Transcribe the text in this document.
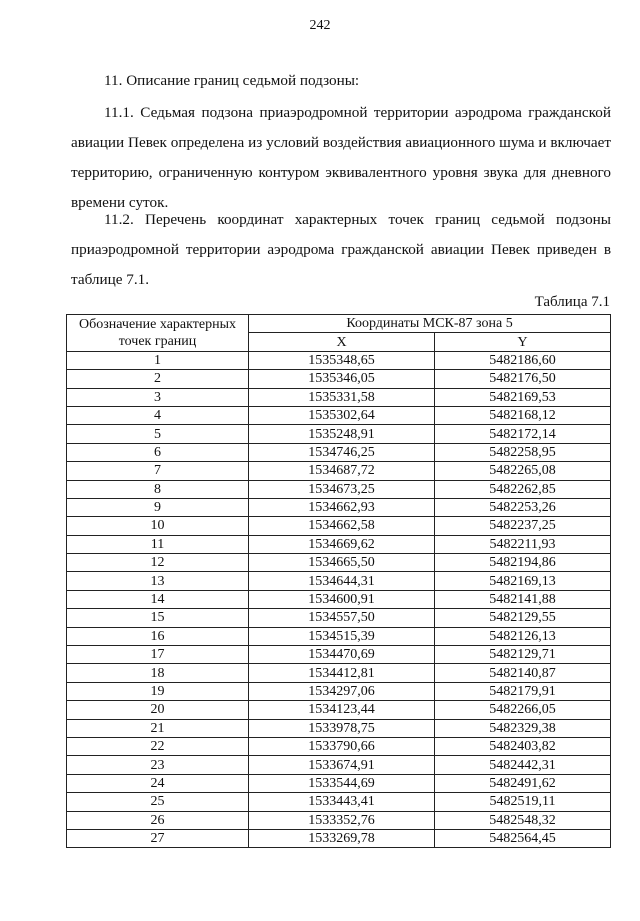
242
11. Описание границ седьмой подзоны:
11.1. Седьмая подзона приаэродромной территории аэродрома гражданской авиации Певек определена из условий воздействия авиационного шума и включает территорию, ограниченную контуром эквивалентного уровня звука для дневного времени суток.
11.2. Перечень координат характерных точек границ седьмой подзоны приаэродромной территории аэродрома гражданской авиации Певек приведен в таблице 7.1.
Таблица 7.1
Обозначение характерных точек границ	Координаты МСК-87 зона 5	
	X	Y
1	1535348,65	5482186,60
2	1535346,05	5482176,50
3	1535331,58	5482169,53
4	1535302,64	5482168,12
5	1535248,91	5482172,14
6	1534746,25	5482258,95
7	1534687,72	5482265,08
8	1534673,25	5482262,85
9	1534662,93	5482253,26
10	1534662,58	5482237,25
11	1534669,62	5482211,93
12	1534665,50	5482194,86
13	1534644,31	5482169,13
14	1534600,91	5482141,88
15	1534557,50	5482129,55
16	1534515,39	5482126,13
17	1534470,69	5482129,71
18	1534412,81	5482140,87
19	1534297,06	5482179,91
20	1534123,44	5482266,05
21	1533978,75	5482329,38
22	1533790,66	5482403,82
23	1533674,91	5482442,31
24	1533544,69	5482491,62
25	1533443,41	5482519,11
26	1533352,76	5482548,32
27	1533269,78	5482564,45
